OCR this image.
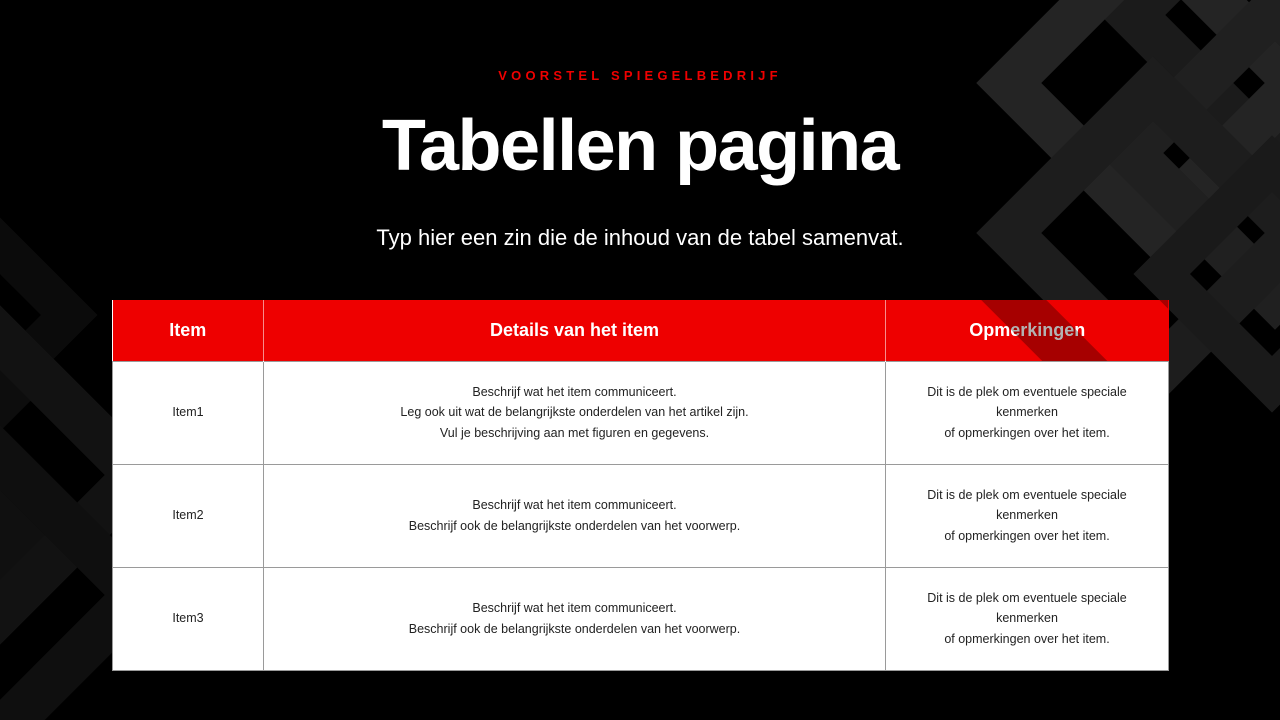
VOORSTEL SPIEGELBEDRIJF
Tabellen pagina
Typ hier een zin die de inhoud van de tabel samenvat.
Item	Details van het item	Opmerkingen
Item1	Beschrijf wat het item communiceert.
Leg ook uit wat de belangrijkste onderdelen van het artikel zijn.
Vul je beschrijving aan met figuren en gegevens.	Dit is de plek om eventuele speciale kenmerken
of opmerkingen over het item.

Item2	Beschrijf wat het item communiceert.
Beschrijf ook de belangrijkste onderdelen van het voorwerp.	Dit is de plek om eventuele speciale kenmerken
of opmerkingen over het item.

Item3	Beschrijf wat het item communiceert.
Beschrijf ook de belangrijkste onderdelen van het voorwerp.	Dit is de plek om eventuele speciale kenmerken
of opmerkingen over het item.
